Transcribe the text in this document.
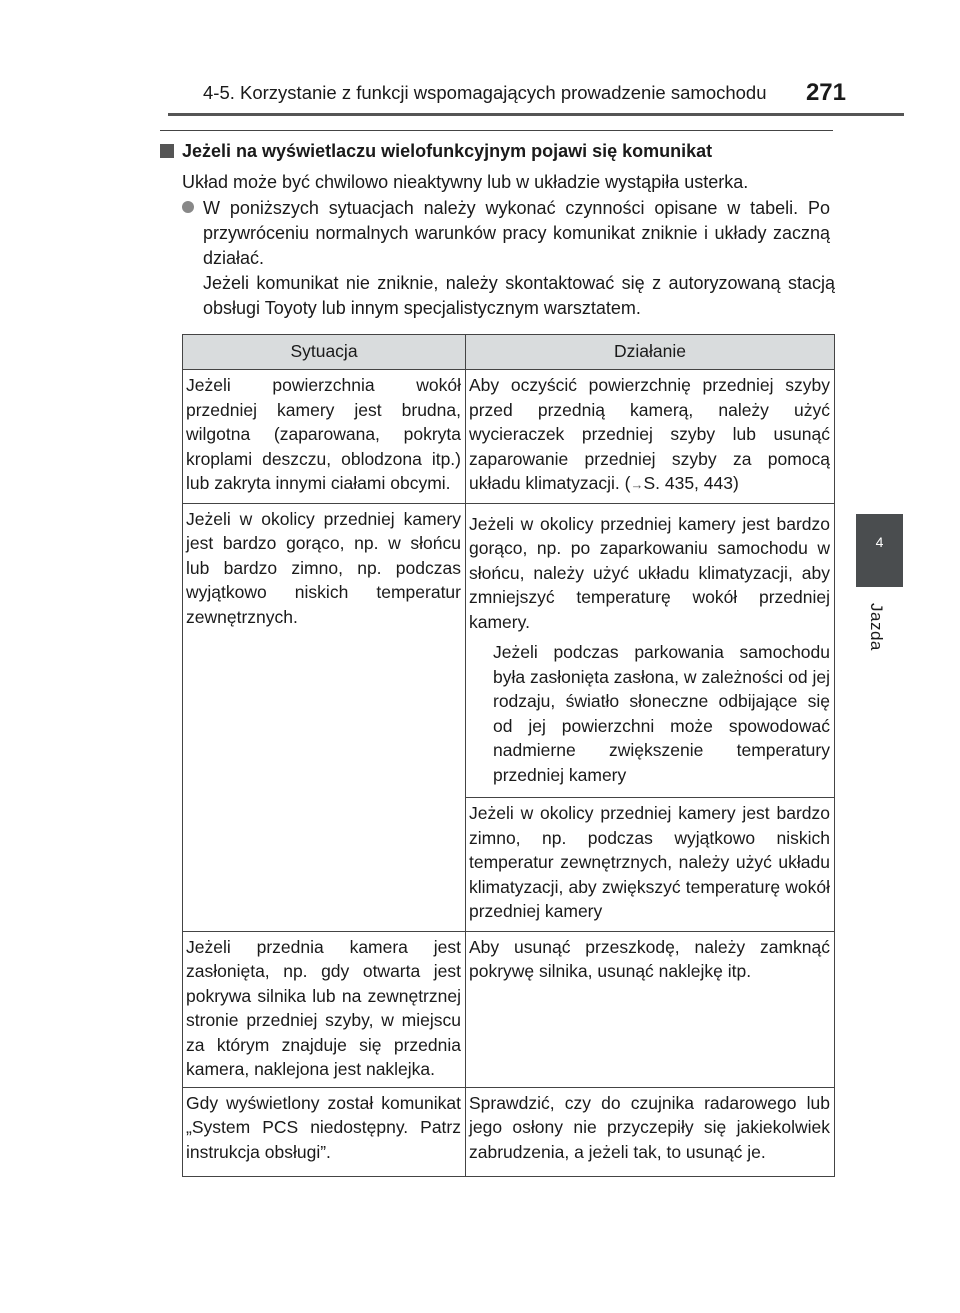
4-5. Korzystanie z funkcji wspomagających prowadzenie samochodu	271
4
Jazda
Jeżeli na wyświetlaczu wielofunkcyjnym pojawi się komunikat
Układ może być chwilowo nieaktywny lub w układzie wystąpiła usterka.
W poniższych sytuacjach należy wykonać czynności opisane w tabeli. Po przywróceniu normalnych warunków pracy komunikat zniknie i układy zaczną działać.
Jeżeli komunikat nie zniknie, należy skontaktować się z autoryzowaną stacją obsługi Toyoty lub innym specjalistycznym warsztatem.
Sytuacja	Działanie
Jeżeli powierzchnia wokół przedniej kamery jest brudna, wilgotna (zaparowana, pokryta kroplami deszczu, oblodzona itp.) lub zakryta innymi ciałami obcymi.	Aby oczyścić powierzchnię przedniej szyby przed przednią kamerą, należy użyć wycieraczek przedniej szyby lub usunąć zaparowanie przedniej szyby za pomocą układu klimatyzacji. (→S. 435, 443)
Jeżeli w okolicy przedniej kamery jest bardzo gorąco, np. w słońcu lub bardzo zimno, np. podczas wyjątkowo niskich temperatur zewnętrznych.	Jeżeli w okolicy przedniej kamery jest bardzo gorąco, np. po zaparkowaniu samochodu w słońcu, należy użyć układu klimatyzacji, aby zmniejszyć temperaturę wokół przedniej kamery.
Jeżeli podczas parkowania samochodu była zasłonięta zasłona, w zależności od jej rodzaju, światło słoneczne odbijające się od jej powierzchni może spowodować nadmierne zwiększenie temperatury przedniej kamery

	Jeżeli w okolicy przedniej kamery jest bardzo zimno, np. podczas wyjątkowo niskich temperatur zewnętrznych, należy użyć układu klimatyzacji, aby zwiększyć temperaturę wokół przedniej kamery
Jeżeli przednia kamera jest zasłonięta, np. gdy otwarta jest pokrywa silnika lub na zewnętrznej stronie przedniej szyby, w miejscu za którym znajduje się przednia kamera, naklejona jest naklejka.	Aby usunąć przeszkodę, należy zamknąć pokrywę silnika, usunąć naklejkę itp.
Gdy wyświetlony został komunikat „System PCS niedostępny. Patrz instrukcja obsługi”.	Sprawdzić, czy do czujnika radarowego lub jego osłony nie przyczepiły się jakiekolwiek zabrudzenia, a jeżeli tak, to usunąć je.
